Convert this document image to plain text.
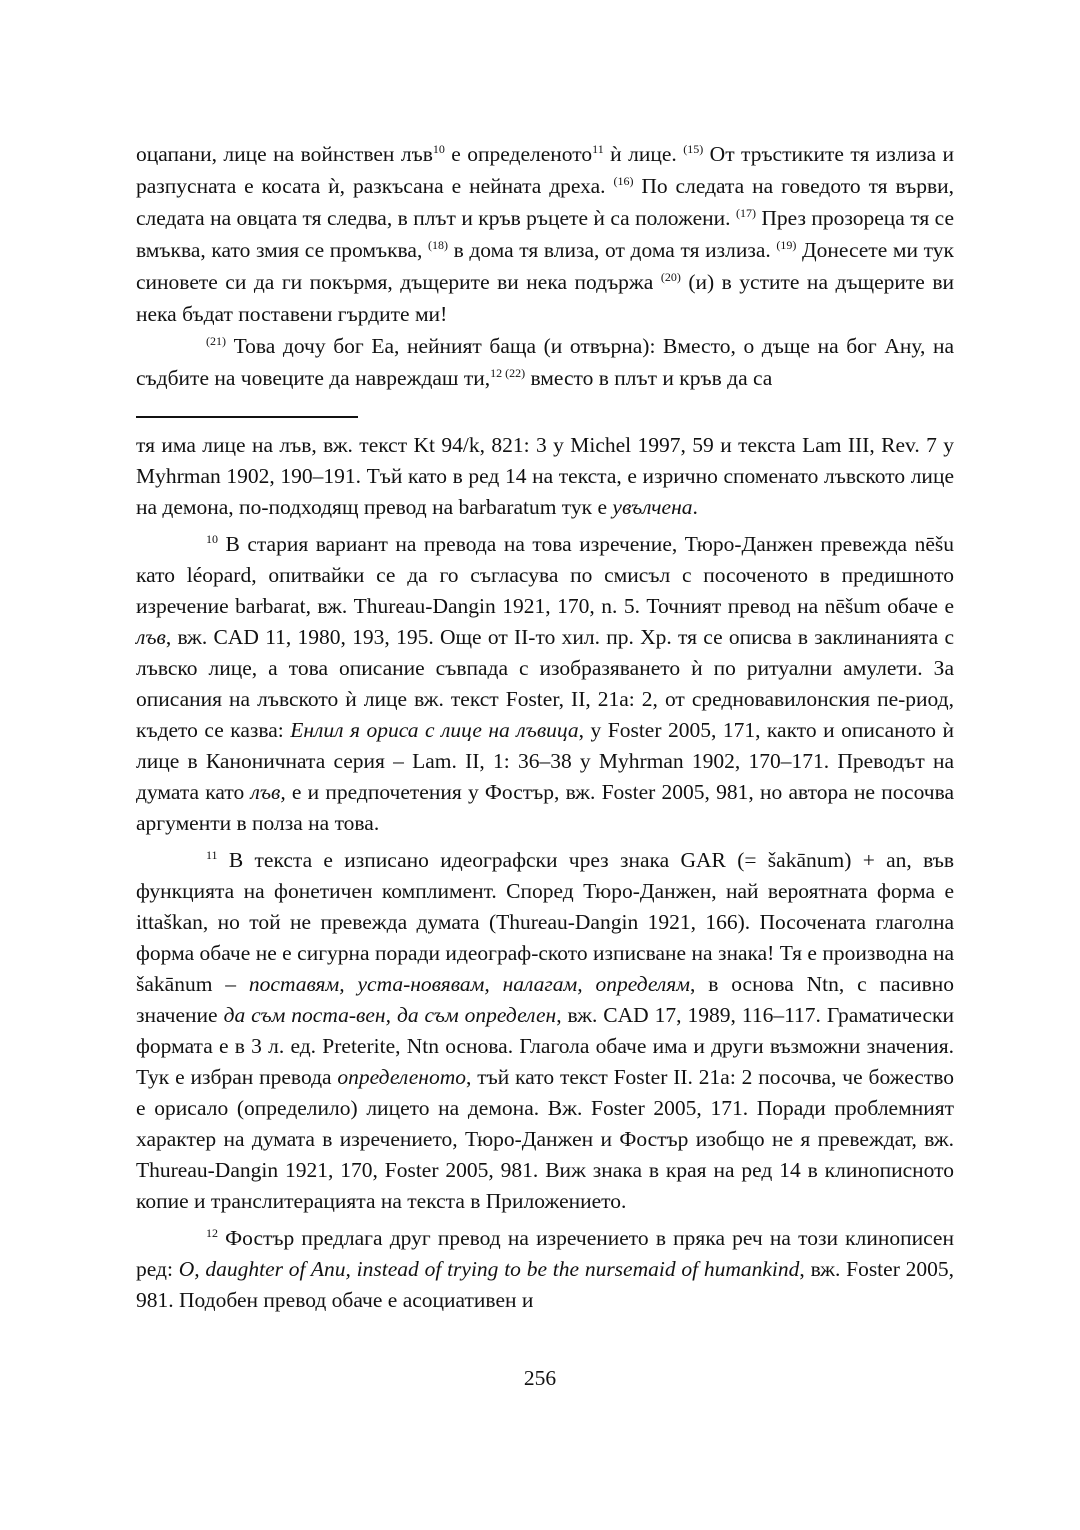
оцапани, лице на войнствен лъв$^{10}$ е определеното$^{11}$ ѝ лице. $^{(15)}$ От тръстиките тя излиза и разпусната е косата ѝ, разкъсана е нейната дреха. $^{(16)}$ По следата на говедото тя върви, следата на овцата тя следва, в плът и кръв ръцете ѝ са положени. $^{(17)}$ През прозореца тя се вмъква, като змия се промъква, $^{(18)}$ в дома тя влиза, от дома тя излиза. $^{(19)}$ Донесете ми тук синовете си да ги покърмя, дъщерите ви нека подържа $^{(20)}$ (и) в устите на дъщерите ви нека бъдат поставени гърдите ми!

$^{(21)}$ Това дочу бог Еа, нейният баща (и отвърна): Вместо, о дъще на бог Ану, на съдбите на човеците да навреждаш ти,$^{12}$ $^{(22)}$ вместо в плът и кръв да са

тя има лице на лъв, вж. текст Kt 94/k, 821: 3 у Michel 1997, 59 и текста Lam III, Rev. 7 у Myhrman 1902, 190–191. Тъй като в ред 14 на текста, е изрично споменато лъвското лице на демона, по-подходящ превод на barbaratum тук е увълчена.

$^{10}$ В стария вариант на превода на това изречение, Тюро-Данжен превежда nēšu като léopard, опитвайки се да го съгласува по смисъл с посоченото в предишното изречение barbarat, вж. Thureau-Dangin 1921, 170, n. 5. Точният превод на nēšum обаче е лъв, вж. CAD 11, 1980, 193, 195. Още от II-то хил. пр. Хр. тя се описва в заклинанията с лъвско лице, а това описание съвпада с изобразяването ѝ по ритуални амулети. За описания на лъвското ѝ лице вж. текст Foster, II, 21a: 2, от средновавилонския пе-риод, където се казва: Енлил я ориса с лице на лъвица, у Foster 2005, 171, както и описаното ѝ лице в Каноничната серия – Lam. II, 1: 36–38 у Myhrman 1902, 170–171. Преводът на думата като лъв, е и предпочетения у Фостър, вж. Foster 2005, 981, но автора не посочва аргументи в полза на това.

$^{11}$ В текста е изписано идеографски чрез знака GAR (= šakānum) + an, във функцията на фонетичен комплимент. Според Тюро-Данжен, най вероятната форма е ittaškan, но той не превежда думата (Thureau-Dangin 1921, 166). Посочената глаголна форма обаче не е сигурна поради идеограф-ското изписване на знака! Тя е производна на šakānum – поставям, уста-новявам, налагам, определям, в основа Ntn, с пасивно значение да съм поста-вен, да съм определен, вж. CAD 17, 1989, 116–117. Граматически формата е в 3 л. ед. Preterite, Ntn основа. Глагола обаче има и други възможни значения. Тук е избран превода определеното, тъй като текст Foster II. 21a: 2 посочва, че божество е орисало (определило) лицето на демона. Вж. Foster 2005, 171. Поради проблемният характер на думата в изречението, Тюро-Данжен и Фостър изобщо не я превеждат, вж. Thureau-Dangin 1921, 170, Foster 2005, 981. Виж знака в края на ред 14 в клинописното копие и транслитерацията на текста в Приложението.

$^{12}$ Фостър предлага друг превод на изречението в пряка реч на този клинописен ред: O, daughter of Anu, instead of trying to be the nursemaid of humankind, вж. Foster 2005, 981. Подобен превод обаче е асоциативен и

256
